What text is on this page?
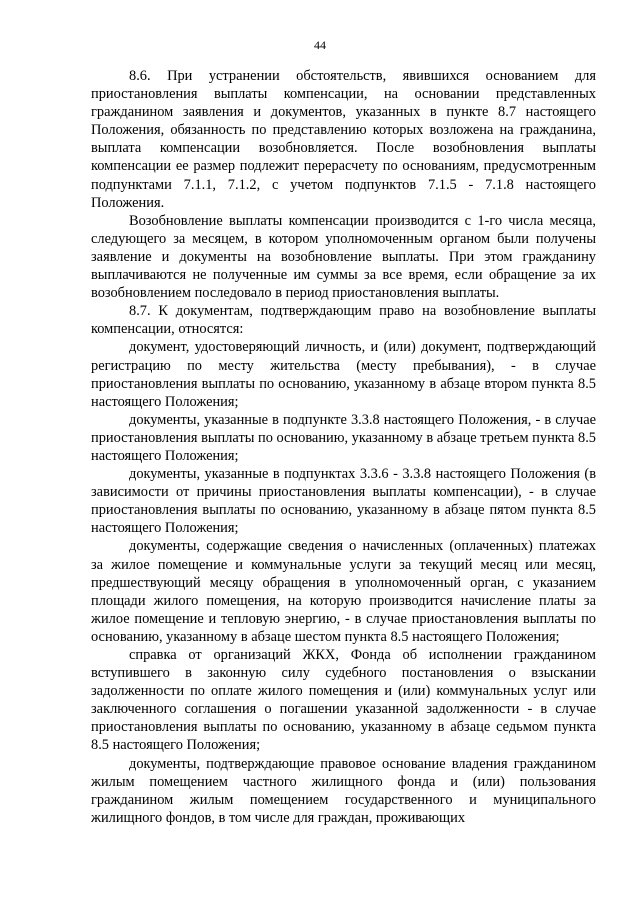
44

8.6. При устранении обстоятельств, явившихся основанием для приостановления выплаты компенсации, на основании представленных гражданином заявления и документов, указанных в пункте 8.7 настоящего Положения, обязанность по представлению которых возложена на гражданина, выплата компенсации возобновляется. После возобновления выплаты компенсации ее размер подлежит перерасчету по основаниям, предусмотренным подпунктами 7.1.1, 7.1.2, с учетом подпунктов 7.1.5 - 7.1.8 настоящего Положения.

Возобновление выплаты компенсации производится с 1-го числа месяца, следующего за месяцем, в котором уполномоченным органом были получены заявление и документы на возобновление выплаты. При этом гражданину выплачиваются не полученные им суммы за все время, если обращение за их возобновлением последовало в период приостановления выплаты.

8.7. К документам, подтверждающим право на возобновление выплаты компенсации, относятся:

документ, удостоверяющий личность, и (или) документ, подтверждающий регистрацию по месту жительства (месту пребывания), - в случае приостановления выплаты по основанию, указанному в абзаце втором пункта 8.5 настоящего Положения;

документы, указанные в подпункте 3.3.8 настоящего Положения, - в случае приостановления выплаты по основанию, указанному в абзаце третьем пункта 8.5 настоящего Положения;

документы, указанные в подпунктах 3.3.6 - 3.3.8 настоящего Положения (в зависимости от причины приостановления выплаты компенсации), - в случае приостановления выплаты по основанию, указанному в абзаце пятом пункта 8.5 настоящего Положения;

документы, содержащие сведения о начисленных (оплаченных) платежах за жилое помещение и коммунальные услуги за текущий месяц или месяц, предшествующий месяцу обращения в уполномоченный орган, с указанием площади жилого помещения, на которую производится начисление платы за жилое помещение и тепловую энергию, - в случае приостановления выплаты по основанию, указанному в абзаце шестом пункта 8.5 настоящего Положения;

справка от организаций ЖКХ, Фонда об исполнении гражданином вступившего в законную силу судебного постановления о взыскании задолженности по оплате жилого помещения и (или) коммунальных услуг или заключенного соглашения о погашении указанной задолженности - в случае приостановления выплаты по основанию, указанному в абзаце седьмом пункта 8.5 настоящего Положения;

документы, подтверждающие правовое основание владения гражданином жилым помещением частного жилищного фонда и (или) пользования гражданином жилым помещением государственного и муниципального жилищного фондов, в том числе для граждан, проживающих
